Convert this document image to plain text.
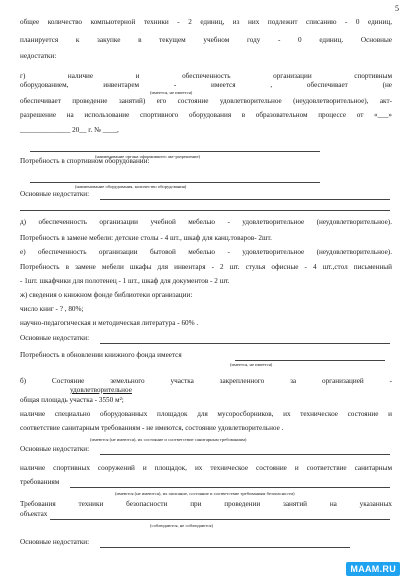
5
общее количество компьютерной техники - 2 единиц, из них подлежит списанию - 0 единиц,
планируется к закупке в текущем учебном году - 0 единиц. Основные
недостатки:
г) наличие и обеспеченность организации спортивным
оборудованием, инвентарем - имеется , обеспечивает (не
(имеется, не имеется)
обеспечивает проведение занятий) его состояние удовлетворительное (неудовлетворительное), акт-
разрешение на использование спортивного оборудования в образовательном процессе от «___»
______________ 20__ г. № ____,
(наименование органа оформившего акт-разрешение)
Потребность в спортивном оборудовании:
(наименование оборудования, количество оборудования)
Основные недостатки:
д) обеспеченность организации учебной мебелью - удовлетворительное (неудовлетворительное).
Потребность в замене мебели: детские столы - 4 шт., шкаф для канц.товаров- 2шт.
е) обеспеченность организации бытовой мебелью - удовлетворительное (неудовлетворительное).
Потребность в замене мебели шкафы для инвентаря - 2 шт. стулья офисные - 4 шт.,стол письменный
- 1шт. шкафчики для полотенец - 1 шт., шкаф для документов - 2 шт.
ж) сведения о книжном фонде библиотеки организации:
число книг - ? , 80%;
научно-педагогическая и методическая литература - 60% .
Основные недостатки:
Потребность в обновлении книжного фонда имеется
(имеется, не имеется)
б) Состояние земельного участка закрепленного за организацией -
удовлетворительное
общая площадь участка - 3550 м²;
наличие специально оборудованных площадок для мусоросборников, их техническое состояние и
соответствие санитарным требованиям - не имеются, состояние удовлетворительное .
(имеются (не имеются), их состояние и соответствие санитарным требованиям)
Основные недостатки:
наличие спортивных сооружений и площадок, их техническое состояние и соответствие санитарным
требованиям
(имеются (не имеются), их описание, состояние и соответствие требованиям безопасности)
Требования техники безопасности при проведении занятий на указанных
объектах
(соблюдаются, не соблюдаются)
Основные недостатки:
MAAM.RU
